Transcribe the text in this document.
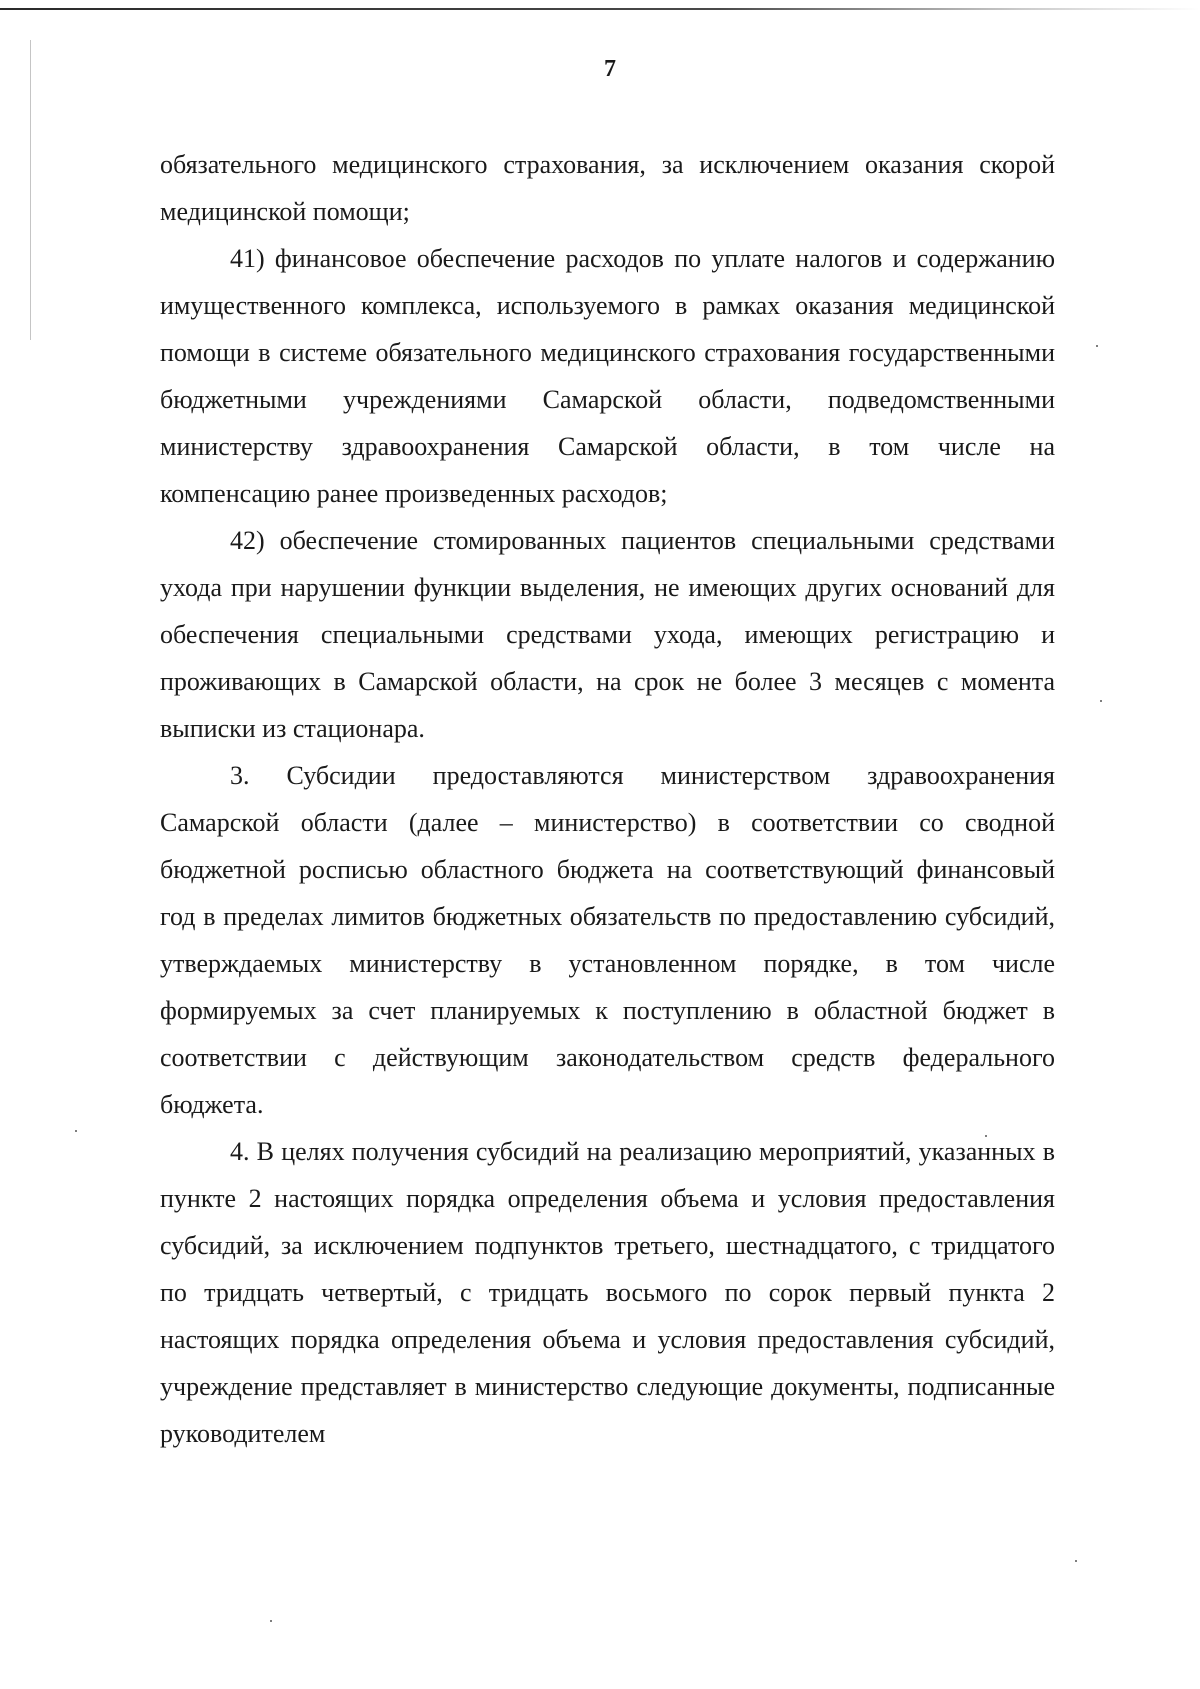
7

обязательного медицинского страхования, за исключением оказания скорой медицинской помощи;

41) финансовое обеспечение расходов по уплате налогов и содержанию имущественного комплекса, используемого в рамках оказания медицинской помощи в системе обязательного медицинского страхования государственными бюджетными учреждениями Самарской области, подведомственными министерству здравоохранения Самарской области, в том числе на компенсацию ранее произведенных расходов;

42) обеспечение стомированных пациентов специальными средствами ухода при нарушении функции выделения, не имеющих других оснований для обеспечения специальными средствами ухода, имеющих регистрацию и проживающих в Самарской области, на срок не более 3 месяцев с момента выписки из стационара.

3. Субсидии предоставляются министерством здравоохранения Самарской области (далее – министерство) в соответствии со сводной бюджетной росписью областного бюджета на соответствующий финансовый год в пределах лимитов бюджетных обязательств по предоставлению субсидий, утверждаемых министерству в установленном порядке, в том числе формируемых за счет планируемых к поступлению в областной бюджет в соответствии с действующим законодательством средств федерального бюджета.

4. В целях получения субсидий на реализацию мероприятий, указанных в пункте 2 настоящих порядка определения объема и условия предоставления субсидий, за исключением подпунктов третьего, шестнадцатого, с тридцатого по тридцать четвертый, с тридцать восьмого по сорок первый пункта 2 настоящих порядка определения объема и условия предоставления субсидий, учреждение представляет в министерство следующие документы, подписанные руководителем
